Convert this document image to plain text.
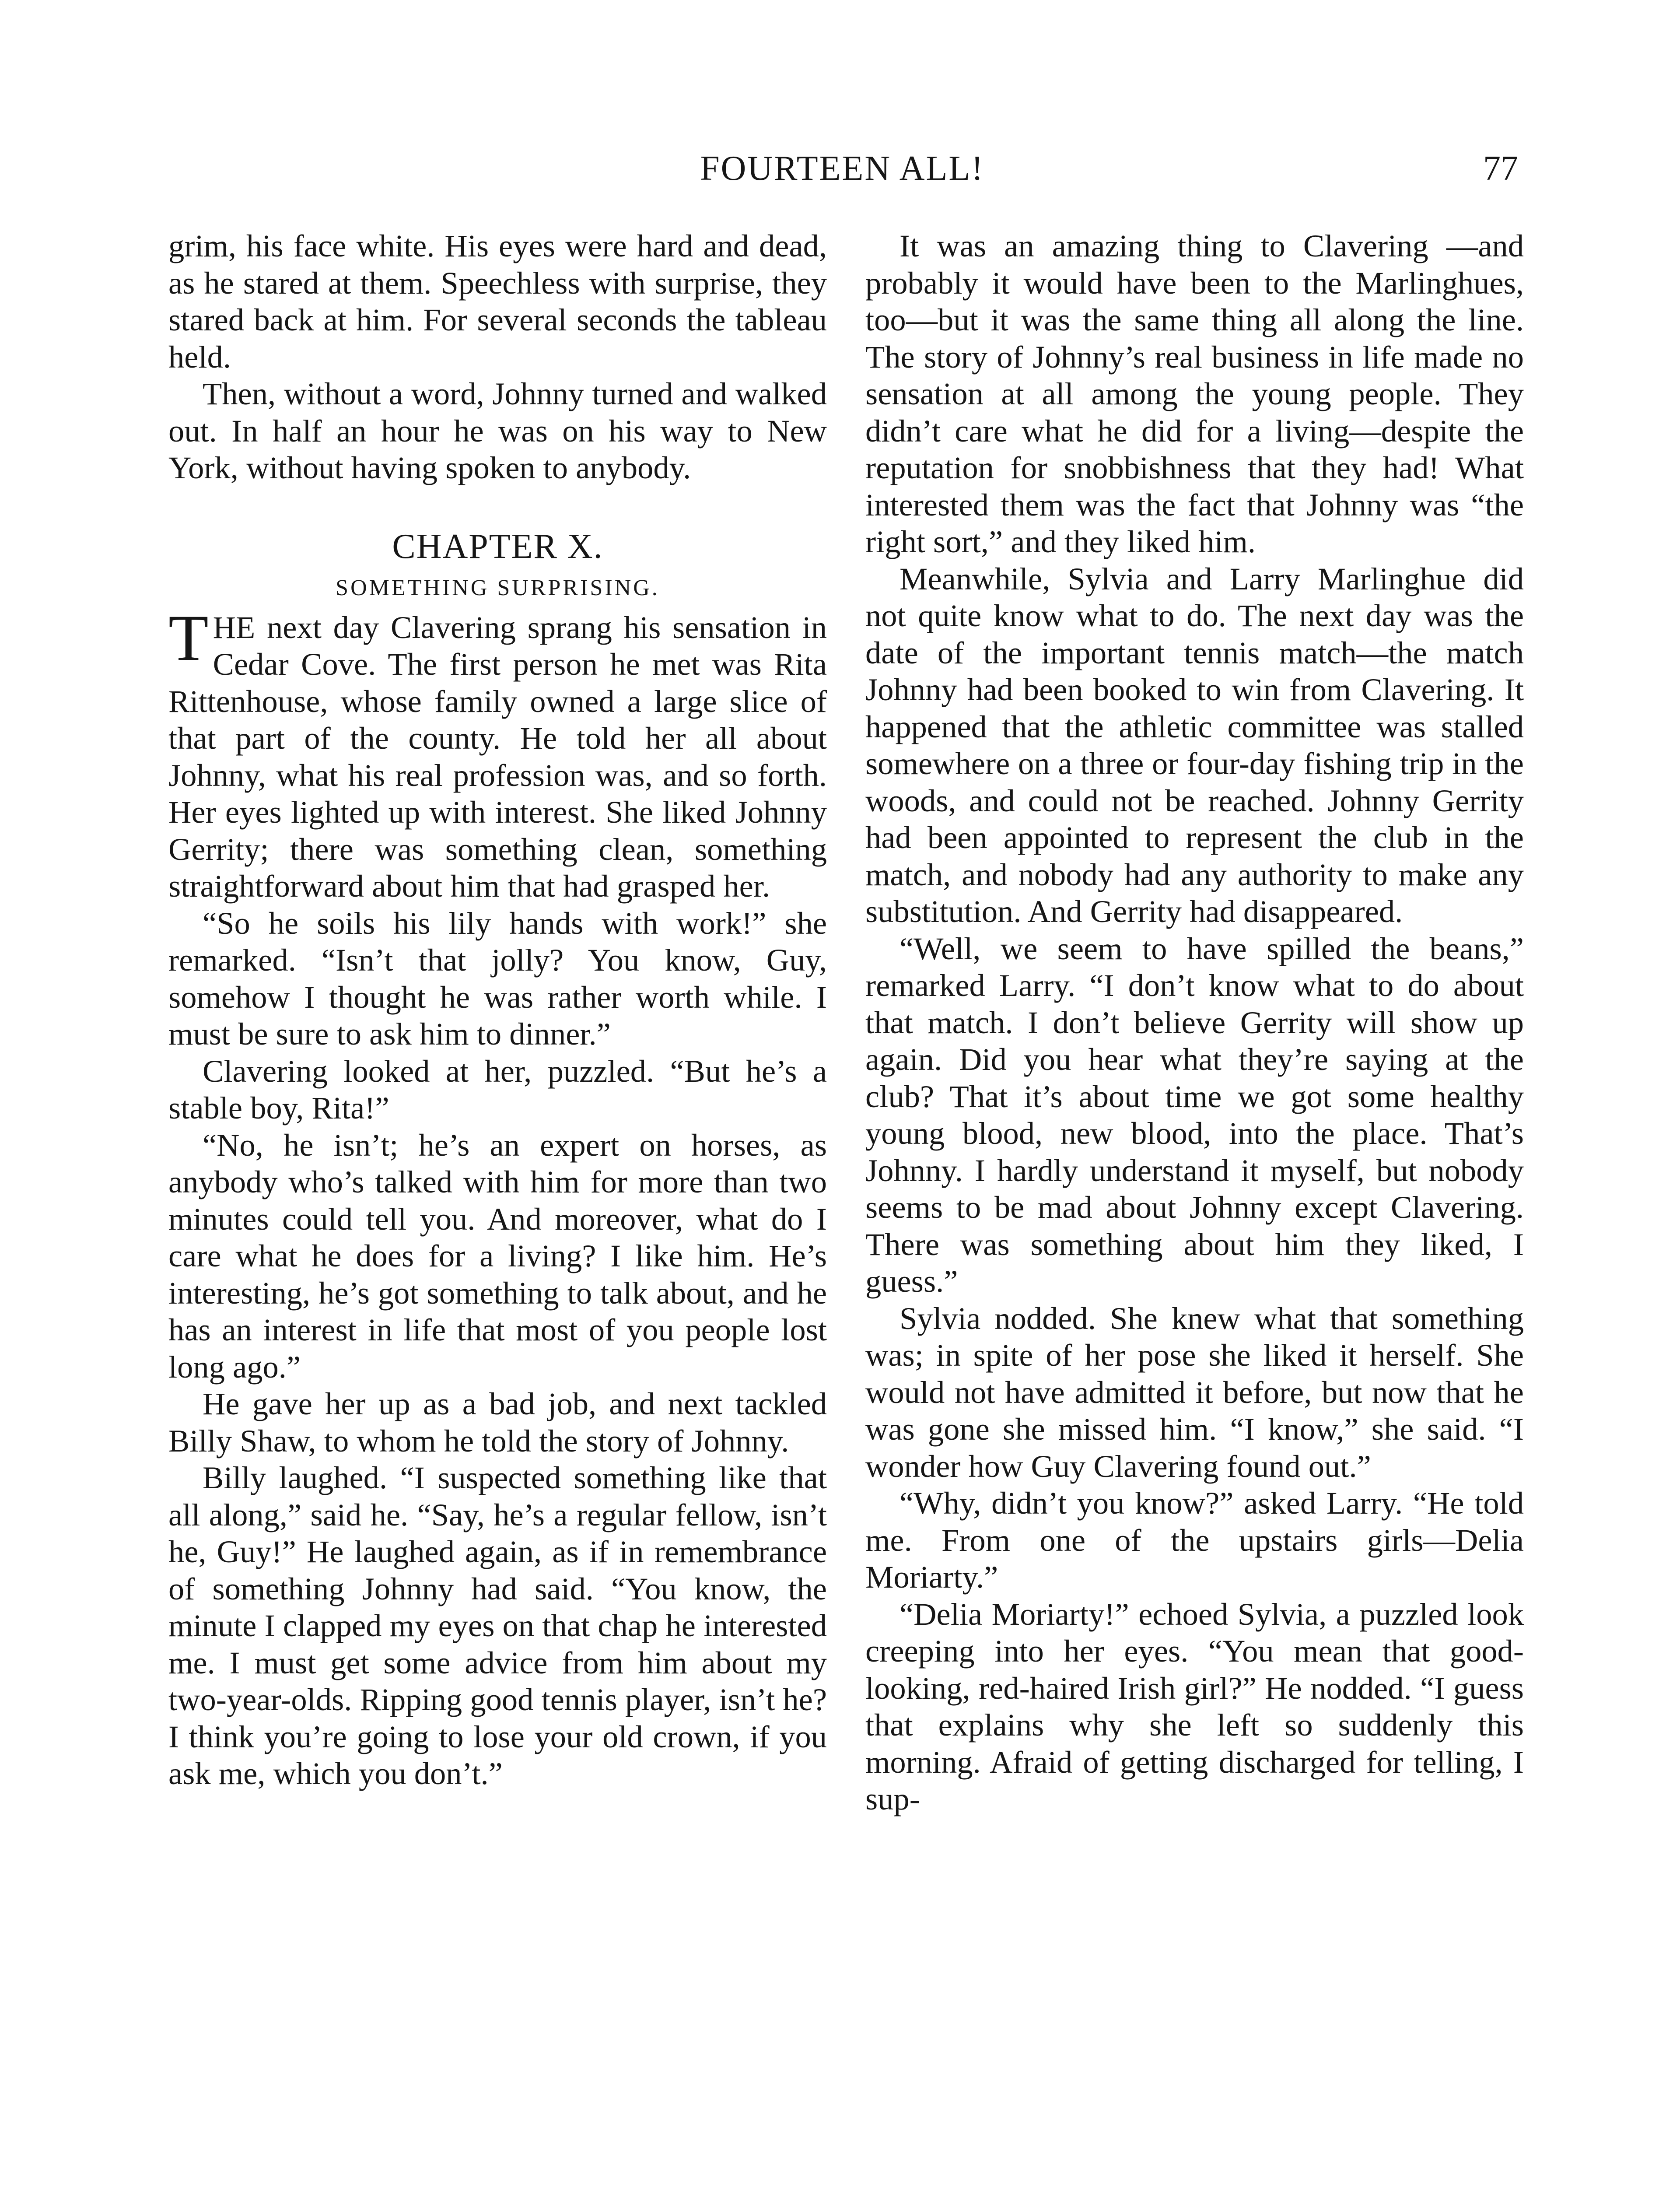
FOURTEEN ALL!	77

grim, his face white. His eyes were hard and dead, as he stared at them. Speechless with surprise, they stared back at him. For several seconds the tableau held.

Then, without a word, Johnny turned and walked out. In half an hour he was on his way to New York, without having spoken to anybody.

CHAPTER X.
SOMETHING SURPRISING.

THE next day Clavering sprang his sensation in Cedar Cove. The first person he met was Rita Rittenhouse, whose family owned a large slice of that part of the county. He told her all about Johnny, what his real profession was, and so forth. Her eyes lighted up with interest. She liked Johnny Gerrity; there was something clean, something straightforward about him that had grasped her.

“So he soils his lily hands with work!” she remarked. “Isn’t that jolly? You know, Guy, somehow I thought he was rather worth while. I must be sure to ask him to dinner.”

Clavering looked at her, puzzled. “But he’s a stable boy, Rita!”

“No, he isn’t; he’s an expert on horses, as anybody who’s talked with him for more than two minutes could tell you. And moreover, what do I care what he does for a living? I like him. He’s interesting, he’s got something to talk about, and he has an interest in life that most of you people lost long ago.”

He gave her up as a bad job, and next tackled Billy Shaw, to whom he told the story of Johnny.

Billy laughed. “I suspected something like that all along,” said he. “Say, he’s a regular fellow, isn’t he, Guy!” He laughed again, as if in remembrance of something Johnny had said. “You know, the minute I clapped my eyes on that chap he interested me. I must get some advice from him about my two-year-olds. Ripping good tennis player, isn’t he? I think you’re going to lose your old crown, if you ask me, which you don’t.”

It was an amazing thing to Clavering —and probably it would have been to the Marlinghues, too—but it was the same thing all along the line. The story of Johnny’s real business in life made no sensation at all among the young people. They didn’t care what he did for a living—despite the reputation for snobbishness that they had! What interested them was the fact that Johnny was “the right sort,” and they liked him.

Meanwhile, Sylvia and Larry Marlinghue did not quite know what to do. The next day was the date of the important tennis match—the match Johnny had been booked to win from Clavering. It happened that the athletic committee was stalled somewhere on a three or four-day fishing trip in the woods, and could not be reached. Johnny Gerrity had been appointed to represent the club in the match, and nobody had any authority to make any substitution. And Gerrity had disappeared.

“Well, we seem to have spilled the beans,” remarked Larry. “I don’t know what to do about that match. I don’t believe Gerrity will show up again. Did you hear what they’re saying at the club? That it’s about time we got some healthy young blood, new blood, into the place. That’s Johnny. I hardly understand it myself, but nobody seems to be mad about Johnny except Clavering. There was something about him they liked, I guess.”

Sylvia nodded. She knew what that something was; in spite of her pose she liked it herself. She would not have admitted it before, but now that he was gone she missed him. “I know,” she said. “I wonder how Guy Clavering found out.”

“Why, didn’t you know?” asked Larry. “He told me. From one of the upstairs girls—Delia Moriarty.”

“Delia Moriarty!” echoed Sylvia, a puzzled look creeping into her eyes. “You mean that good-looking, red-haired Irish girl?” He nodded. “I guess that explains why she left so suddenly this morning. Afraid of getting discharged for telling, I sup-
